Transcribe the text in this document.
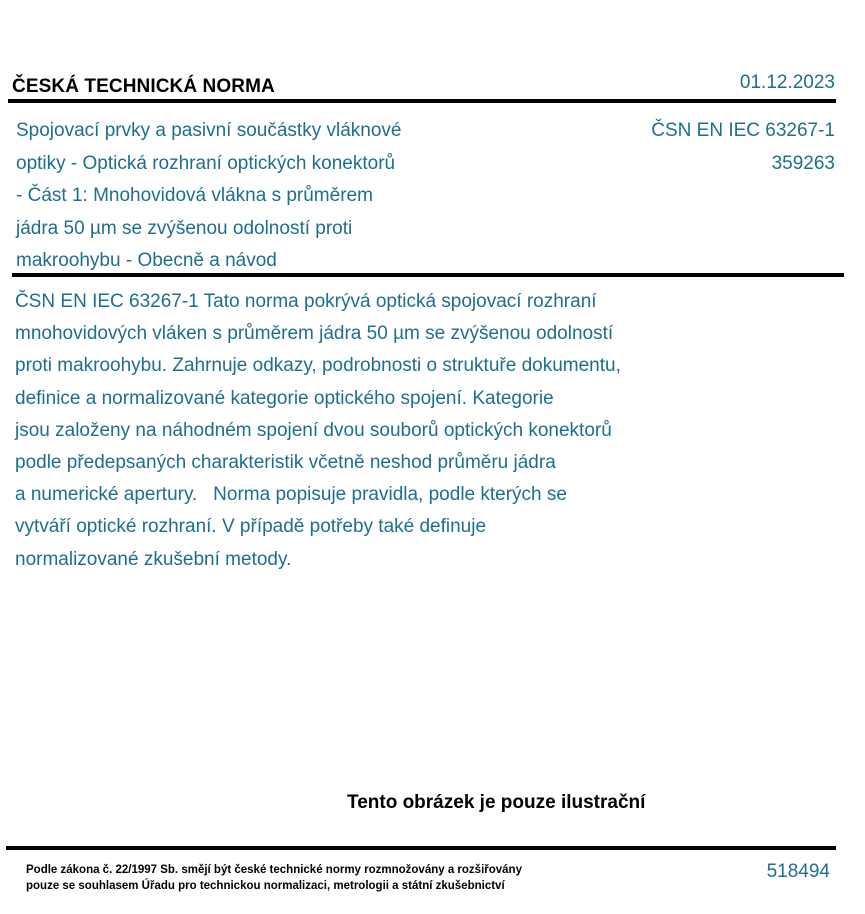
ČESKÁ TECHNICKÁ NORMA	01.12.2023
Spojovací prvky a pasivní součástky vláknové
optiky - Optická rozhraní optických konektorů
- Část 1: Mnohovidová vlákna s průměrem
jádra 50 µm se zvýšenou odolností proti
makroohybu - Obecně a návod
ČSN EN IEC 63267-1
359263
ČSN EN IEC 63267-1 Tato norma pokrývá optická spojovací rozhraní
mnohovidových vláken s průměrem jádra 50 µm se zvýšenou odolností
proti makroohybu. Zahrnuje odkazy, podrobnosti o struktuře dokumentu,
definice a normalizované kategorie optického spojení. Kategorie
jsou založeny na náhodném spojení dvou souborů optických konektorů
podle předepsaných charakteristik včetně neshod průměru jádra
a numerické apertury.   Norma popisuje pravidla, podle kterých se
vytváří optické rozhraní. V případě potřeby také definuje
normalizované zkušební metody.
Tento obrázek je pouze ilustrační
Podle zákona č. 22/1997 Sb. smějí být české technické normy rozmnožovány a rozšiřovány
pouze se souhlasem Úřadu pro technickou normalizaci, metrologii a státní zkušebnictví
518494
